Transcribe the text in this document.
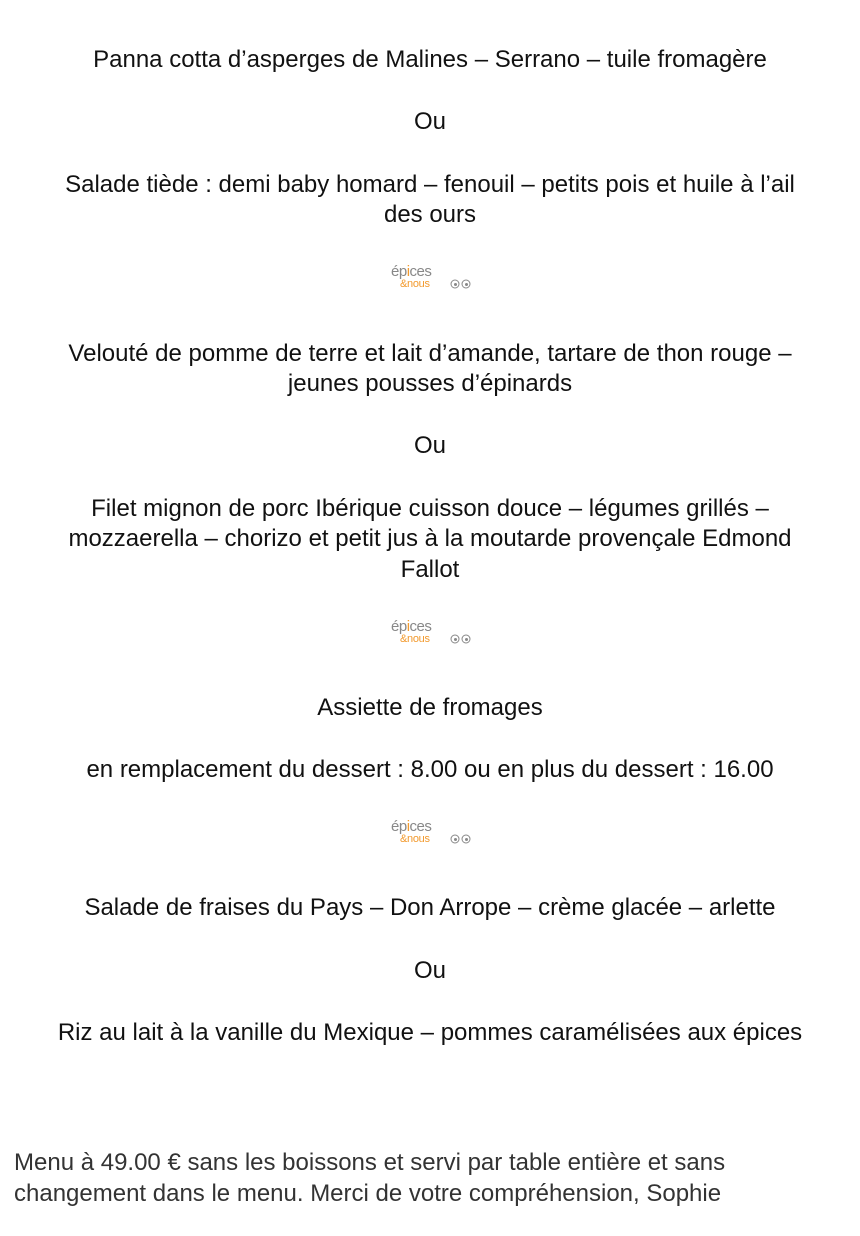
Panna cotta d’asperges de Malines – Serrano – tuile fromagère

Ou

Salade tiède : demi baby homard – fenouil – petits pois et huile à l’ail

des ours

épices
&nous

Velouté de pomme de terre et lait d’amande, tartare de thon rouge –

jeunes pousses d’épinards

Ou

Filet mignon de porc Ibérique cuisson douce – légumes grillés –

mozzaerella – chorizo et petit jus à la moutarde provençale Edmond

Fallot

épices
&nous

Assiette de fromages

en remplacement du dessert : 8.00 ou en plus du dessert : 16.00

épices
&nous

Salade de fraises du Pays – Don Arrope – crème glacée – arlette

Ou

Riz au lait à la vanille du Mexique – pommes caramélisées aux épices

Menu à 49.00 € sans les boissons et servi par table entière et sans
changement dans le menu. Merci de votre compréhension, Sophie
